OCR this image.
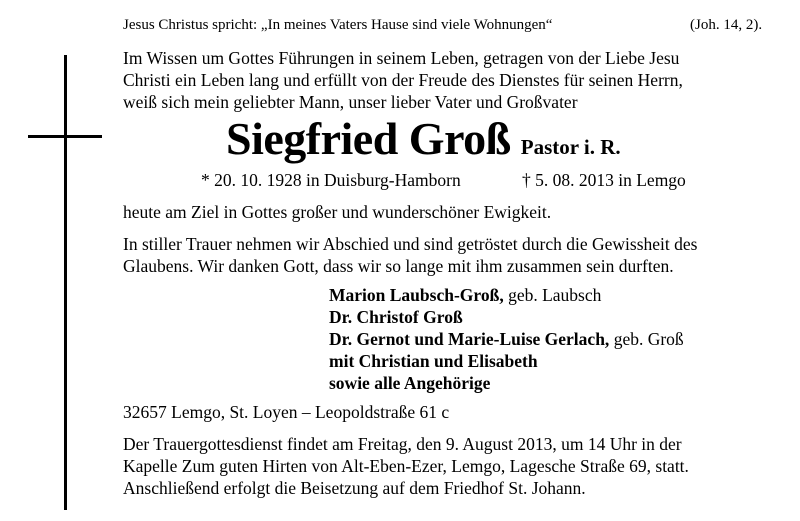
Jesus Christus spricht: „In meines Vaters Hause sind viele Wohnungen“	(Joh. 14, 2).
Im Wissen um Gottes Führungen in seinem Leben, getragen von der Liebe Jesu
Christi ein Leben lang und erfüllt von der Freude des Dienstes für seinen Herrn,
weiß sich mein geliebter Mann, unser lieber Vater und Großvater
Siegfried Groß Pastor i. R.
* 20. 10. 1928 in Duisburg-Hamborn	† 5. 08. 2013 in Lemgo
heute am Ziel in Gottes großer und wunderschöner Ewigkeit.
In stiller Trauer nehmen wir Abschied und sind getröstet durch die Gewissheit des
Glaubens. Wir danken Gott, dass wir so lange mit ihm zusammen sein durften.
Marion Laubsch-Groß, geb. Laubsch
Dr. Christof Groß
Dr. Gernot und Marie-Luise Gerlach, geb. Groß
mit Christian und Elisabeth
sowie alle Angehörige
32657 Lemgo, St. Loyen – Leopoldstraße 61 c
Der Trauergottesdienst findet am Freitag, den 9. August 2013, um 14 Uhr in der
Kapelle Zum guten Hirten von Alt-Eben-Ezer, Lemgo, Lagesche Straße 69, statt.
Anschließend erfolgt die Beisetzung auf dem Friedhof St. Johann.
